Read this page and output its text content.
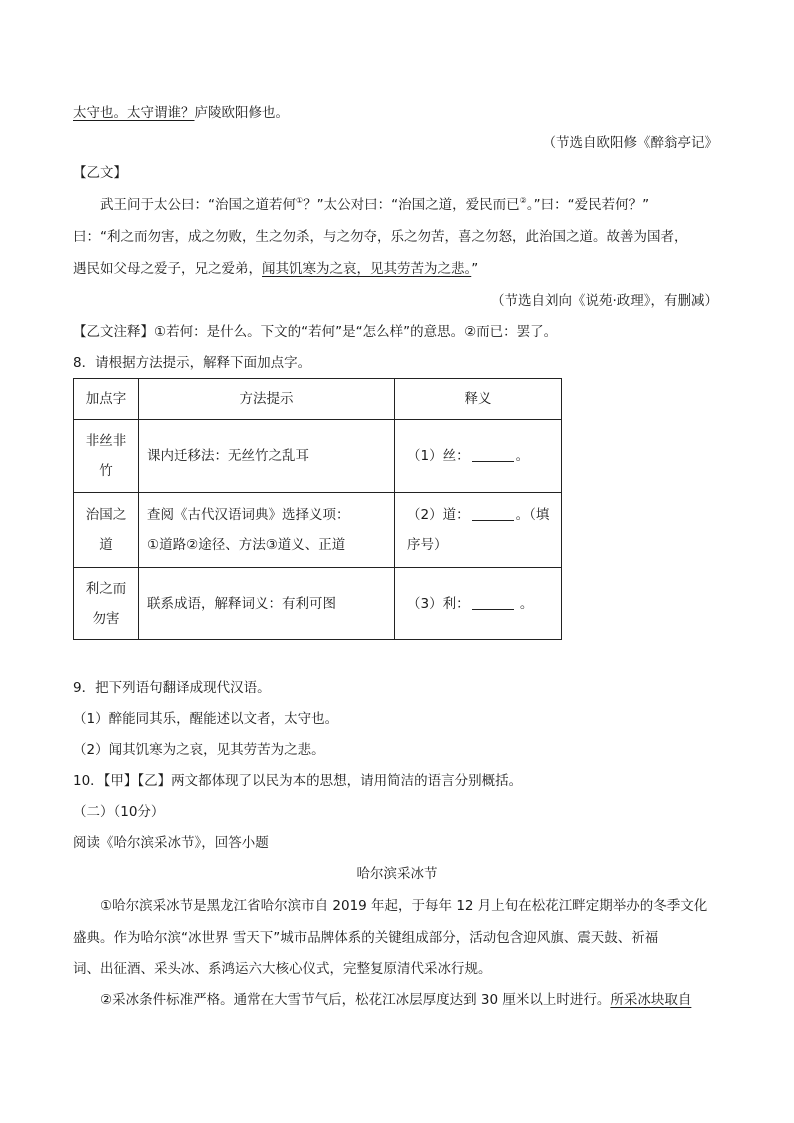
太守也。太守谓谁？庐陵欧阳修也。
（节选自欧阳修《醉翁亭记》
【乙文】
武王问于太公曰：“治国之道若何①？”太公对曰：“治国之道，爱民而已②。”曰：“爱民若何？”
曰：“利之而勿害，成之勿败，生之勿杀，与之勿夺，乐之勿苦，喜之勿怒，此治国之道。故善为国者，
遇民如父母之爱子，兄之爱弟，闻其饥寒为之哀，见其劳苦为之悲。”
（节选自刘向《说苑·政理》，有删减）
【乙文注释】①若何：是什么。下文的“若何”是“怎么样”的意思。②而已：罢了。
8．请根据方法提示，解释下面加点字。
加点字	方法提示	释义

非丝非
竹	课内迁移法：无丝竹之乱耳	（1）丝： 。

治国之
道	查阅《古代汉语词典》选择义项：
①道路②途径、方法③道义、正道	（2）道： 。（填
序号）

利之而
勿害	联系成语，解释词义：有利可图	（3）利： 。
9．把下列语句翻译成现代汉语。
（1）醉能同其乐，醒能述以文者，太守也。
（2）闻其饥寒为之哀，见其劳苦为之悲。
10．【甲】【乙】两文都体现了以民为本的思想，请用简洁的语言分别概括。
（二）（10分）
阅读《哈尔滨采冰节》，回答小题
哈尔滨采冰节
①哈尔滨采冰节是黑龙江省哈尔滨市自 2019 年起，于每年 12 月上旬在松花江畔定期举办的冬季文化
盛典。作为哈尔滨“冰世界 雪天下”城市品牌体系的关键组成部分，活动包含迎风旗、震天鼓、祈福
词、出征酒、采头冰、系鸿运六大核心仪式，完整复原清代采冰行规。
②采冰条件标准严格。通常在大雪节气后，松花江冰层厚度达到 30 厘米以上时进行。所采冰块取自
